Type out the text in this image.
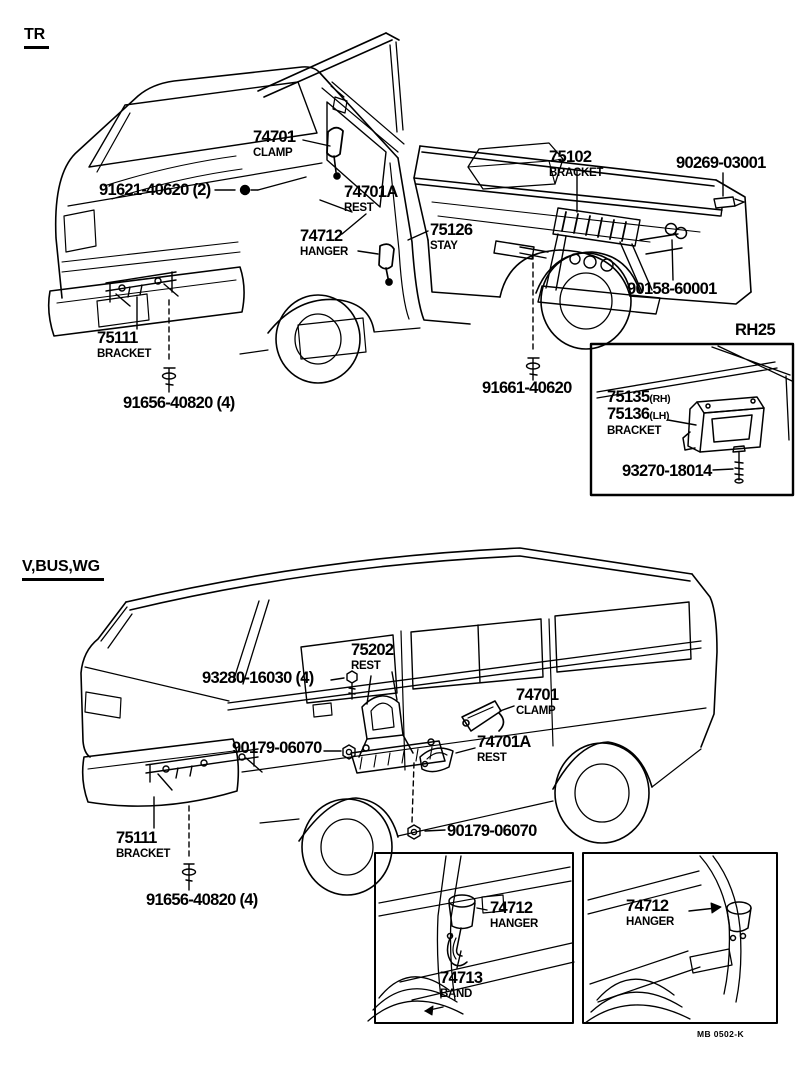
TR
74701
CLAMP
91621-40620 (2)	74701A
REST
74712
HANGER
75126
STAY
75102
BRACKET
90269-03001
90158-60001
75111
BRACKET
91656-40820 (4)
91661-40620
RH25
75135(RH)
75136(LH)
BRACKET
93270-18014
V,BUS,WG
75202
REST
93280-16030 (4)
74701
CLAMP
90179-06070	74701A
REST
75111
BRACKET
91656-40820 (4)
90179-06070
74712
HANGER
74713
BAND
74712
HANGER
MB 0502-K
